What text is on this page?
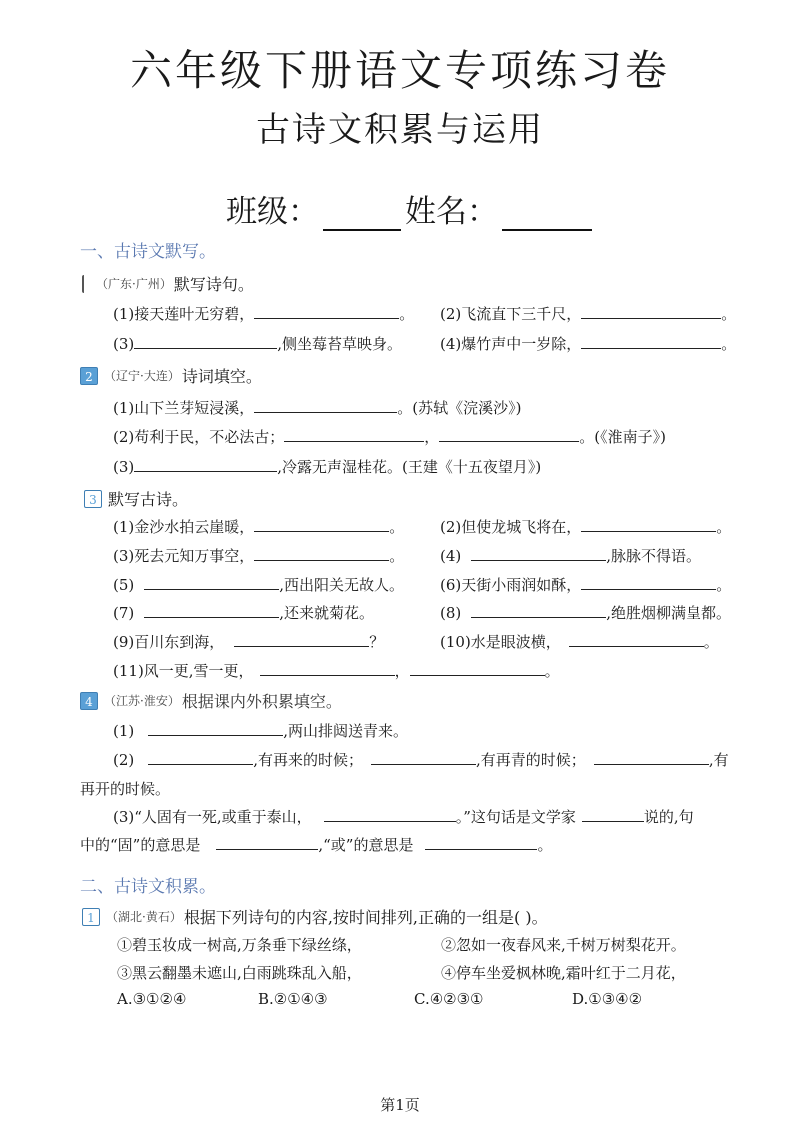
六年级下册语文专项练习卷
古诗文积累与运用
班级：	姓名：
一、古诗文默写。
（广东·广州） 默写诗句。
(1)接天莲叶无穷碧，	。 (2)飞流直下三千尺，	。
(3)	,侧坐莓苔草映身。	(4)爆竹声中一岁除，	。
2 （辽宁·大连） 诗词填空。
(1)山下兰芽短浸溪，	。(苏轼《浣溪沙》)
(2)苟利于民，不必法古；	，	。(《淮南子》)
(3)	,冷露无声湿桂花。(王建《十五夜望月》)
3 默写古诗。
(1)金沙水拍云崖暖，	。 (2)但使龙城飞将在，	。
(3)死去元知万事空，	。 (4)	,脉脉不得语。
(5)	,西出阳关无故人。 (6)天街小雨润如酥，	。
(7)	,还来就菊花。	(8)	,绝胜烟柳满皇都。
(9)百川东到海，	？	(10)水是眼波横，	。
(11)风一更,雪一更，	，	。
4 （江苏·淮安） 根据课内外积累填空。
(1)	,两山排闼送青来。
(2)	,有再来的时候；	,有再青的时候；	,有
再开的时候。
(3)“人固有一死,或重于泰山，	。”这句话是文学家	说的,句
中的“固”的意思是	,“或”的意思是	。
二、古诗文积累。
1 （湖北·黄石） 根据下列诗句的内容,按时间排列,正确的一组是( )。
①碧玉妆成一树高,万条垂下绿丝绦，	②忽如一夜春风来,千树万树梨花开。
③黑云翻墨未遮山,白雨跳珠乱入船，	④停车坐爱枫林晚,霜叶红于二月花，
A.③①②④	B.②①④③	C.④②③①	D.①③④②
第1页
